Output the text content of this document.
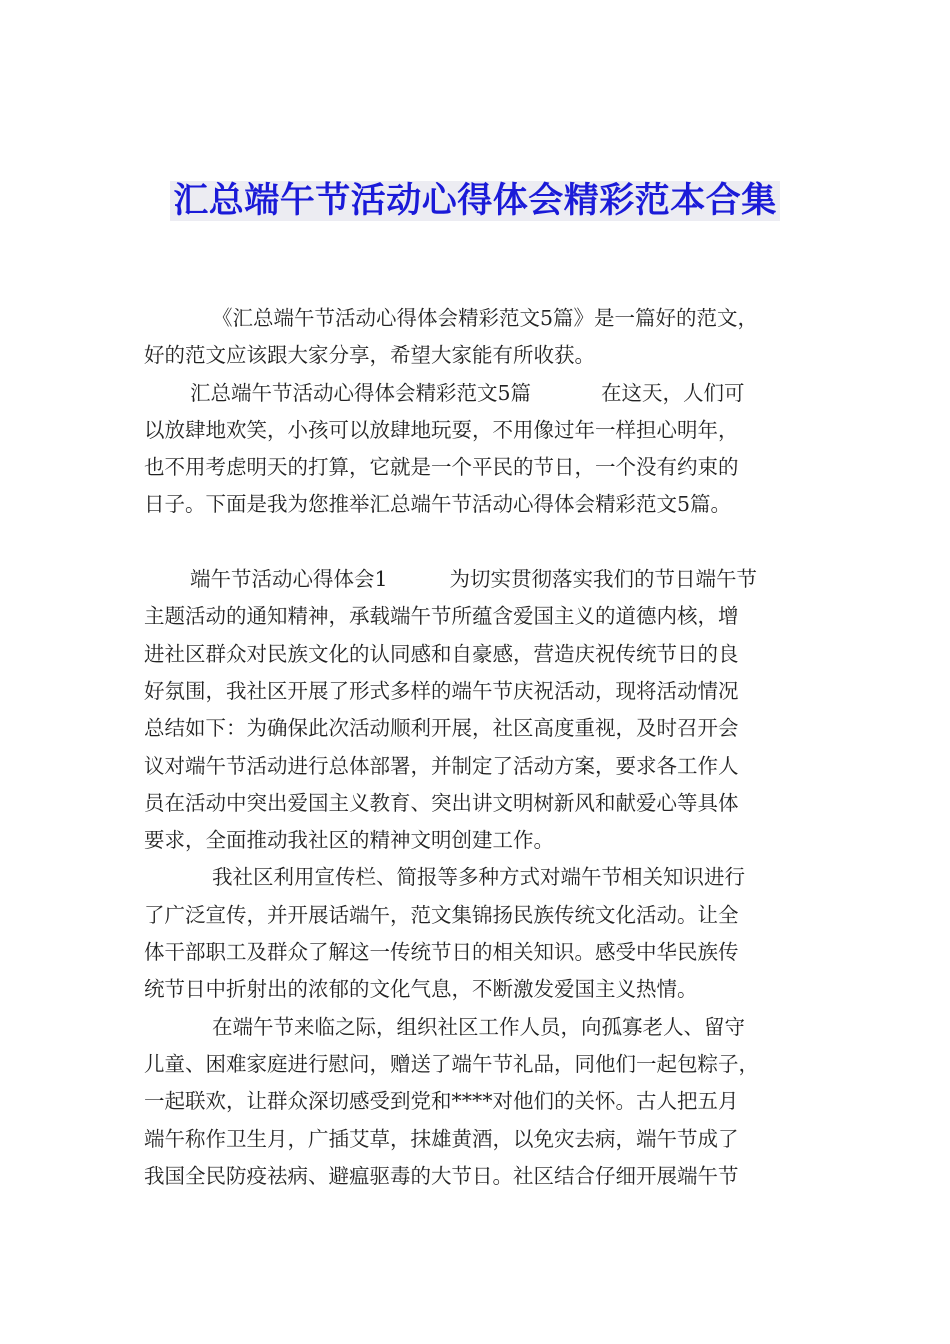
汇总端午节活动心得体会精彩范本合集
《汇总端午节活动心得体会精彩范文5篇》是一篇好的范文，
好的范文应该跟大家分享，希望大家能有所收获。
汇总端午节活动心得体会精彩范文5篇	在这天，人们可
以放肆地欢笑，小孩可以放肆地玩耍，不用像过年一样担心明年，
也不用考虑明天的打算，它就是一个平民的节日，一个没有约束的
日子。下面是我为您推举汇总端午节活动心得体会精彩范文5篇。
端午节活动心得体会1	为切实贯彻落实我们的节日端午节
主题活动的通知精神，承载端午节所蕴含爱国主义的道德内核，增
进社区群众对民族文化的认同感和自豪感，营造庆祝传统节日的良
好氛围，我社区开展了形式多样的端午节庆祝活动，现将活动情况
总结如下：为确保此次活动顺利开展，社区高度重视，及时召开会
议对端午节活动进行总体部署，并制定了活动方案，要求各工作人
员在活动中突出爱国主义教育、突出讲文明树新风和献爱心等具体
要求，全面推动我社区的精神文明创建工作。
我社区利用宣传栏、简报等多种方式对端午节相关知识进行
了广泛宣传，并开展话端午，范文集锦扬民族传统文化活动。让全
体干部职工及群众了解这一传统节日的相关知识。感受中华民族传
统节日中折射出的浓郁的文化气息，不断激发爱国主义热情。
在端午节来临之际，组织社区工作人员，向孤寡老人、留守
儿童、困难家庭进行慰问，赠送了端午节礼品，同他们一起包粽子，
一起联欢，让群众深切感受到党和****对他们的关怀。古人把五月
端午称作卫生月，广插艾草，抹雄黄酒，以免灾去病，端午节成了
我国全民防疫祛病、避瘟驱毒的大节日。社区结合仔细开展端午节
